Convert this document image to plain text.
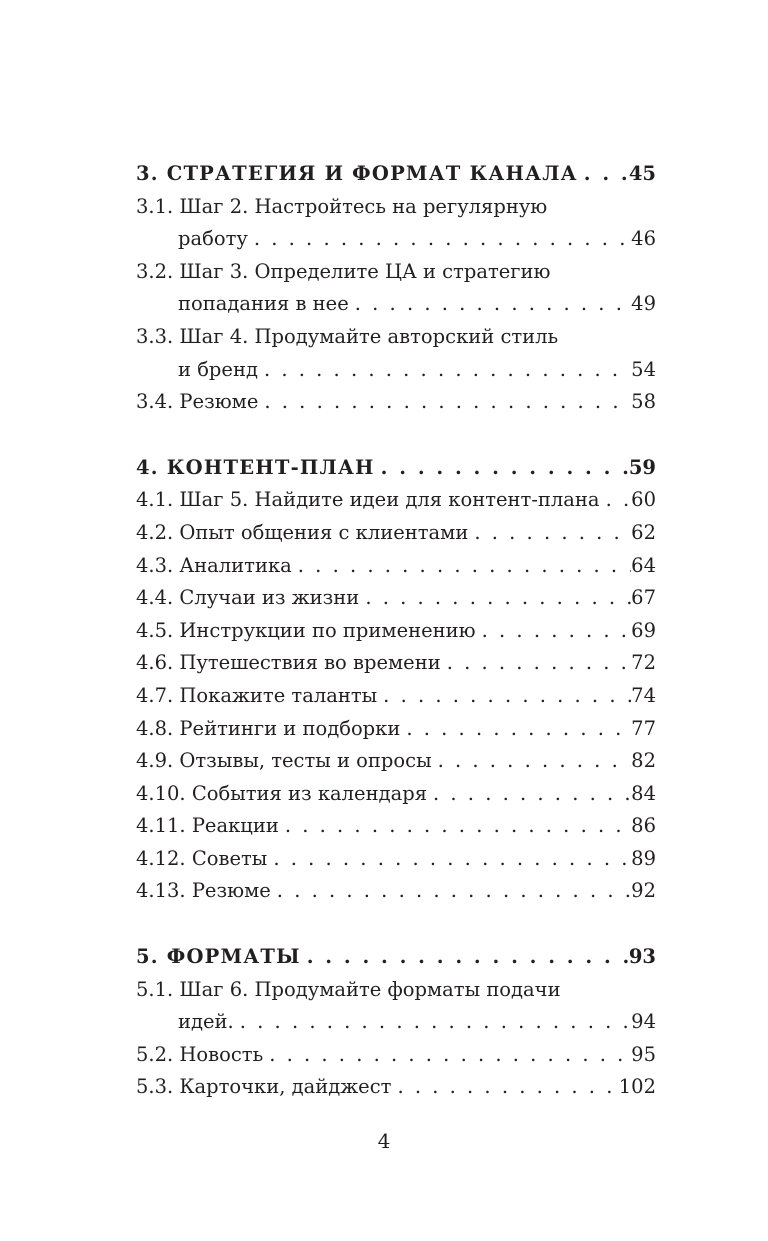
3. СТРАТЕГИЯ И ФОРМАТ КАНАЛА . . .	45
3.1. Шаг 2. Настройтесь на регулярную
работу . . .	46
3.2. Шаг 3. Определите ЦА и стратегию
попадания в нее . . .	49
3.3. Шаг 4. Продумайте авторский стиль
и бренд . . .	54
3.4. Резюме . . .	58
4. КОНТЕНТ-ПЛАН . . .	59
4.1. Шаг 5. Найдите идеи для контент-плана . . . 60
4.2. Опыт общения с клиентами . . .	62
4.3. Аналитика . . .	64
4.4. Случаи из жизни . . .	67
4.5. Инструкции по применению . . .	69
4.6. Путешествия во времени . . .	72
4.7. Покажите таланты . . .	74
4.8. Рейтинги и подборки . . .	77
4.9. Отзывы, тесты и опросы . . .	82
4.10. События из календаря . . .	84
4.11. Реакции . . .	86
4.12. Советы . . .	89
4.13. Резюме . . .	92
5. ФОРМАТЫ . . .	93
5.1. Шаг 6. Продумайте форматы подачи
идей. . . .	94
5.2. Новость . . .	95
5.3. Карточки, дайджест . . .	102
4
